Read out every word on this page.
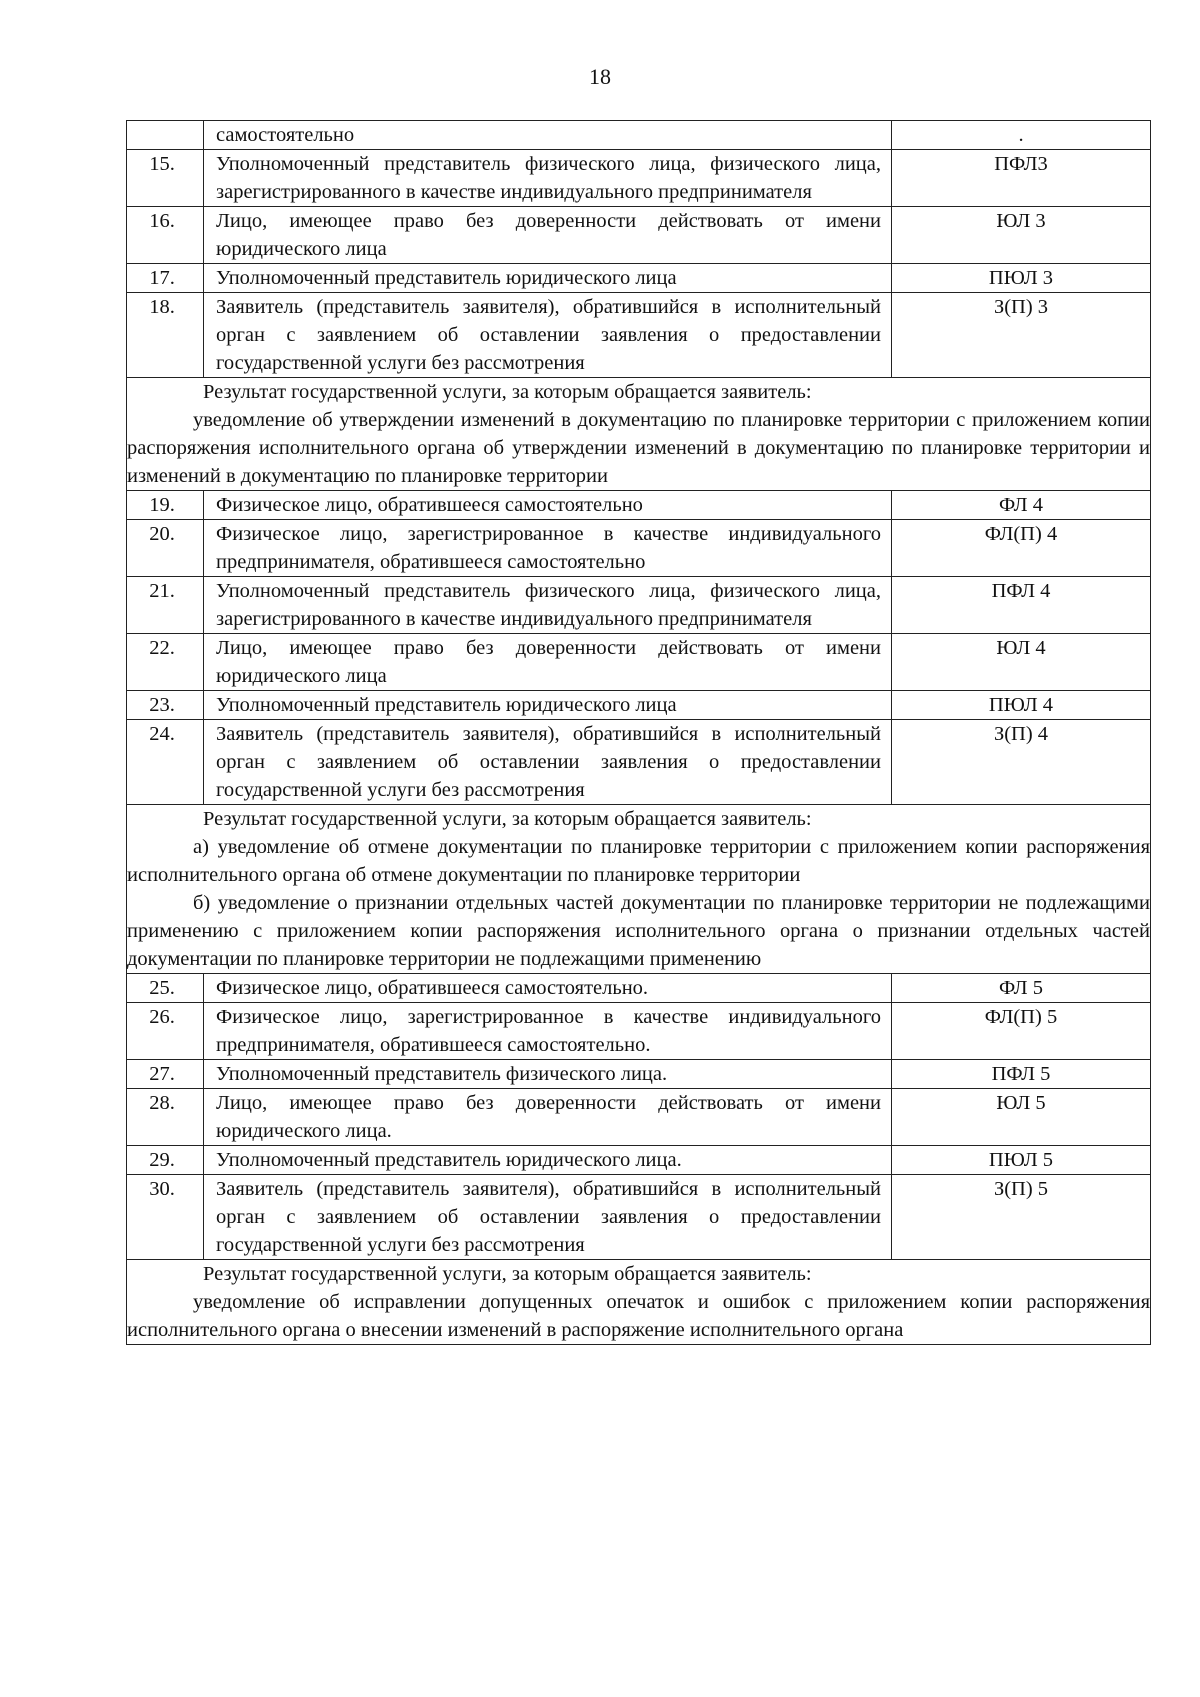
18
	самостоятельно	.
15.	Уполномоченный представитель физического лица, физического лица, зарегистрированного в качестве индивидуального предпринимателя	ПФЛ3
16.	Лицо, имеющее право без доверенности действовать от имени юридического лица	ЮЛ 3
17.	Уполномоченный представитель юридического лица	ПЮЛ 3
18.	Заявитель (представитель заявителя), обратившийся в исполнительный орган с заявлением об оставлении заявления о предоставлении государственной услуги без рассмотрения	З(П) 3

Результат государственной услуги, за которым обращается заявитель:
уведомление об утверждении изменений в документацию по планировке территории с приложением копии распоряжения исполнительного органа об утверждении изменений в документацию по планировке территории и изменений в документацию по планировке территории		

19.	Физическое лицо, обратившееся самостоятельно	ФЛ 4
20.	Физическое лицо, зарегистрированное в качестве индивидуального предпринимателя, обратившееся самостоятельно	ФЛ(П) 4
21.	Уполномоченный представитель физического лица, физического лица, зарегистрированного в качестве индивидуального предпринимателя	ПФЛ 4
22.	Лицо, имеющее право без доверенности действовать от имени юридического лица	ЮЛ 4
23.	Уполномоченный представитель юридического лица	ПЮЛ 4
24.	Заявитель (представитель заявителя), обратившийся в исполнительный орган с заявлением об оставлении заявления о предоставлении государственной услуги без рассмотрения	З(П) 4

Результат государственной услуги, за которым обращается заявитель:
а) уведомление об отмене документации по планировке территории с приложением копии распоряжения исполнительного органа об отмене документации по планировке территории
б) уведомление о признании отдельных частей документации по планировке территории не подлежащими применению с приложением копии распоряжения исполнительного органа о признании отдельных частей документации по планировке территории не подлежащими применению		

25.	Физическое лицо, обратившееся самостоятельно.	ФЛ 5
26.	Физическое лицо, зарегистрированное в качестве индивидуального предпринимателя, обратившееся самостоятельно.	ФЛ(П) 5
27.	Уполномоченный представитель физического лица.	ПФЛ 5
28.	Лицо, имеющее право без доверенности действовать от имени юридического лица.	ЮЛ 5
29.	Уполномоченный представитель юридического лица.	ПЮЛ 5
30.	Заявитель (представитель заявителя), обратившийся в исполнительный орган с заявлением об оставлении заявления о предоставлении государственной услуги без рассмотрения	З(П) 5

Результат государственной услуги, за которым обращается заявитель:
уведомление об исправлении допущенных опечаток и ошибок с приложением копии распоряжения исполнительного органа о внесении изменений в распоряжение исполнительного органа		
